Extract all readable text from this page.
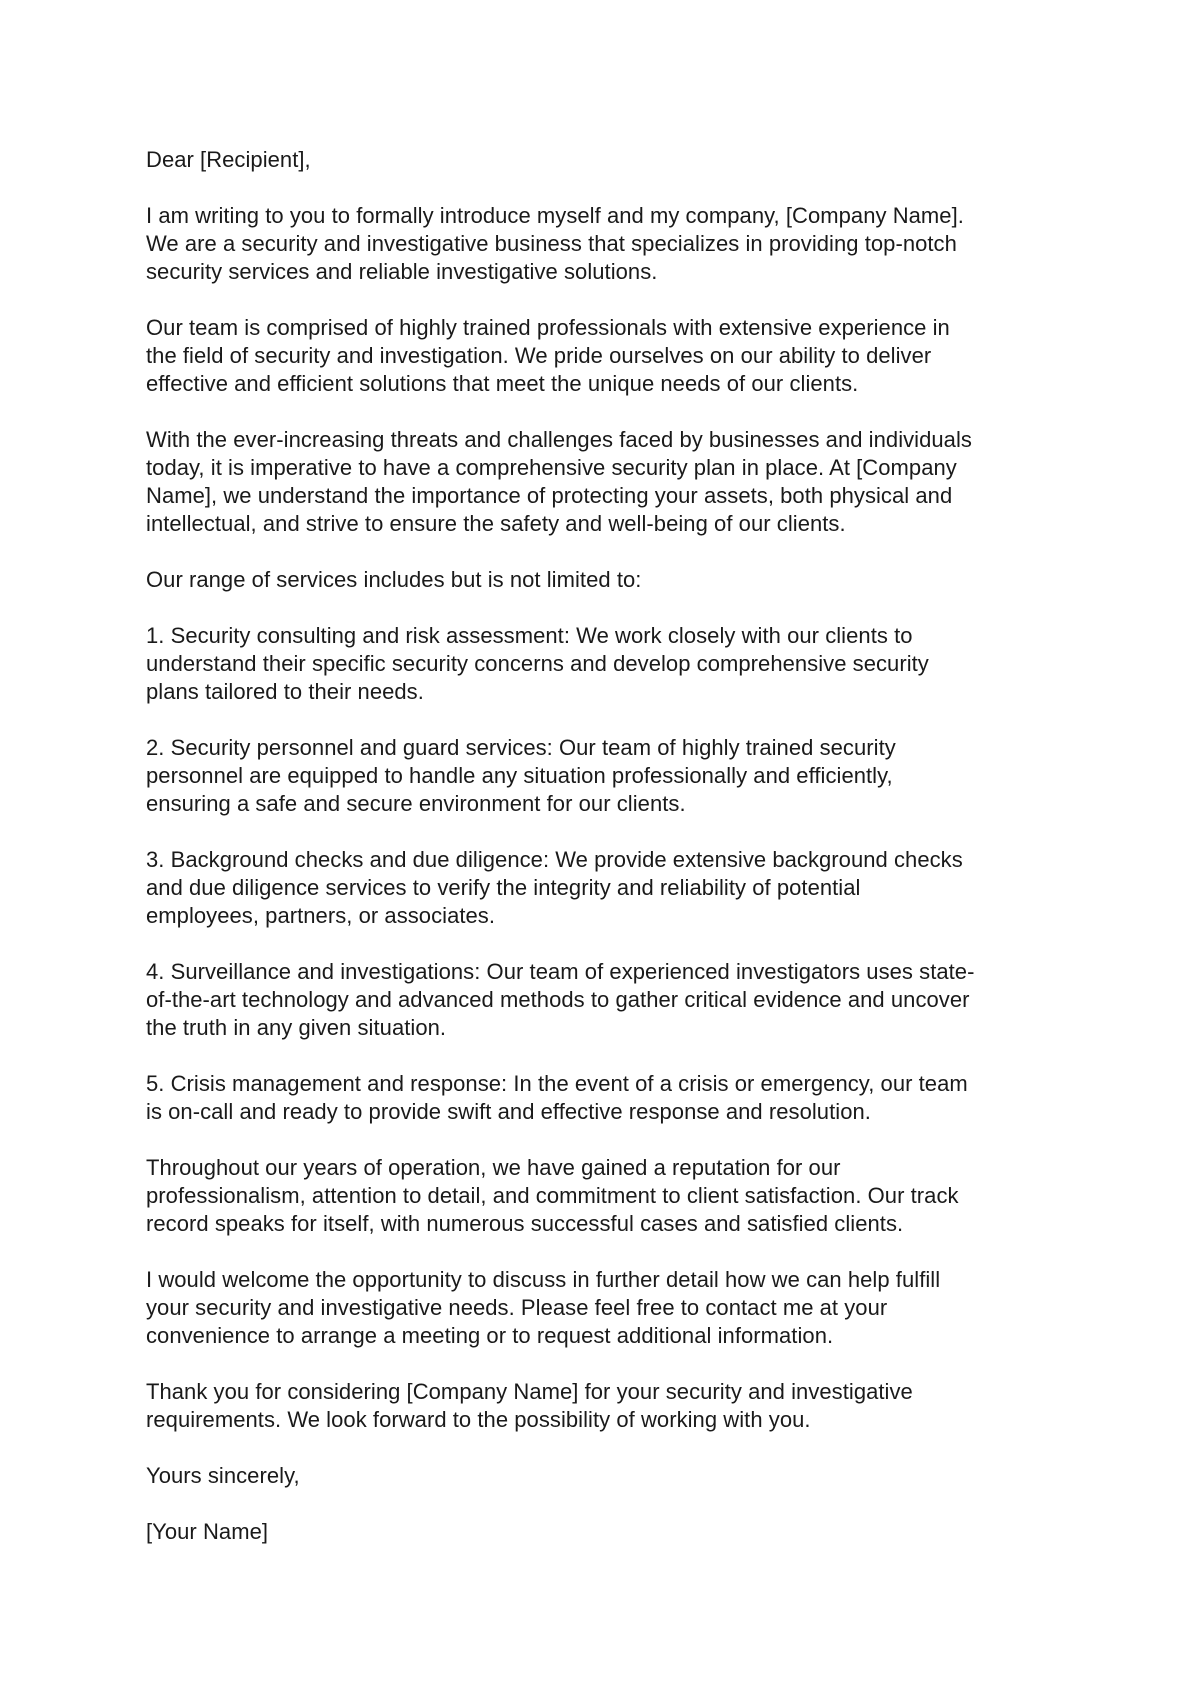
Dear [Recipient],

I am writing to you to formally introduce myself and my company, [Company Name].
We are a security and investigative business that specializes in providing top-notch
security services and reliable investigative solutions.

Our team is comprised of highly trained professionals with extensive experience in
the field of security and investigation. We pride ourselves on our ability to deliver
effective and efficient solutions that meet the unique needs of our clients.

With the ever-increasing threats and challenges faced by businesses and individuals
today, it is imperative to have a comprehensive security plan in place. At [Company
Name], we understand the importance of protecting your assets, both physical and
intellectual, and strive to ensure the safety and well-being of our clients.

Our range of services includes but is not limited to:

1. Security consulting and risk assessment: We work closely with our clients to
understand their specific security concerns and develop comprehensive security
plans tailored to their needs.

2. Security personnel and guard services: Our team of highly trained security
personnel are equipped to handle any situation professionally and efficiently,
ensuring a safe and secure environment for our clients.

3. Background checks and due diligence: We provide extensive background checks
and due diligence services to verify the integrity and reliability of potential
employees, partners, or associates.

4. Surveillance and investigations: Our team of experienced investigators uses state-
of-the-art technology and advanced methods to gather critical evidence and uncover
the truth in any given situation.

5. Crisis management and response: In the event of a crisis or emergency, our team
is on-call and ready to provide swift and effective response and resolution.

Throughout our years of operation, we have gained a reputation for our
professionalism, attention to detail, and commitment to client satisfaction. Our track
record speaks for itself, with numerous successful cases and satisfied clients.

I would welcome the opportunity to discuss in further detail how we can help fulfill
your security and investigative needs. Please feel free to contact me at your
convenience to arrange a meeting or to request additional information.

Thank you for considering [Company Name] for your security and investigative
requirements. We look forward to the possibility of working with you.

Yours sincerely,

[Your Name]
